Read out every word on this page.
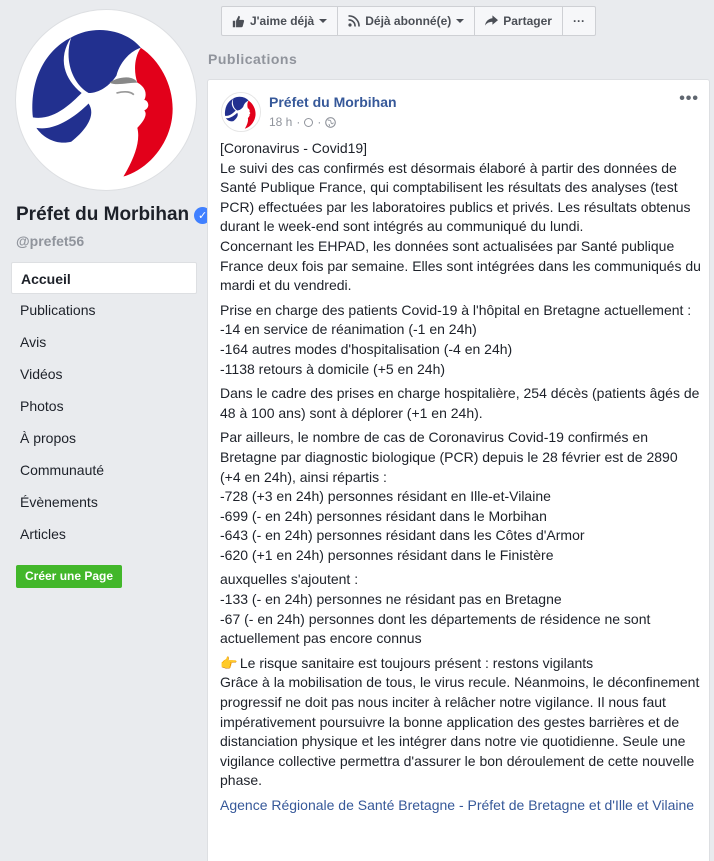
Préfet du Morbihan ✓
@prefet56
Accueil
Publications
Avis
Vidéos
Photos
À propos
Communauté
Évènements
Articles
Créer une Page
J'aime déjà	Déjà abonné(e)	Partager	···
Publications
Préfet du Morbihan
18 h · ·
•••

[Coronavirus - Covid19]
Le suivi des cas confirmés est désormais élaboré à partir des données de Santé Publique France, qui comptabilisent les résultats des analyses (test PCR) effectuées par les laboratoires publics et privés. Les résultats obtenus durant le week-end sont intégrés au communiqué du lundi.
Concernant les EHPAD, les données sont actualisées par Santé publique France deux fois par semaine. Elles sont intégrées dans les communiqués du mardi et du vendredi.

Prise en charge des patients Covid-19 à l'hôpital en Bretagne actuellement :
-14 en service de réanimation (-1 en 24h)
-164 autres modes d'hospitalisation (-4 en 24h)
-1138 retours à domicile (+5 en 24h)

Dans le cadre des prises en charge hospitalière, 254 décès (patients âgés de 48 à 100 ans) sont à déplorer (+1 en 24h).

Par ailleurs, le nombre de cas de Coronavirus Covid-19 confirmés en Bretagne par diagnostic biologique (PCR) depuis le 28 février est de 2890 (+4 en 24h), ainsi répartis :
-728 (+3 en 24h) personnes résidant en Ille-et-Vilaine
-699 (- en 24h) personnes résidant dans le Morbihan
-643 (- en 24h) personnes résidant dans les Côtes d'Armor
-620 (+1 en 24h) personnes résidant dans le Finistère

auxquelles s'ajoutent :
-133 (- en 24h) personnes ne résidant pas en Bretagne
-67 (- en 24h) personnes dont les départements de résidence ne sont actuellement pas encore connus

👉 Le risque sanitaire est toujours présent : restons vigilants
Grâce à la mobilisation de tous, le virus recule. Néanmoins, le déconfinement progressif ne doit pas nous inciter à relâcher notre vigilance. Il nous faut impérativement poursuivre la bonne application des gestes barrières et de distanciation physique et les intégrer dans notre vie quotidienne. Seule une vigilance collective permettra d'assurer le bon déroulement de cette nouvelle phase.

Agence Régionale de Santé Bretagne - Préfet de Bretagne et d'Ille et Vilaine
